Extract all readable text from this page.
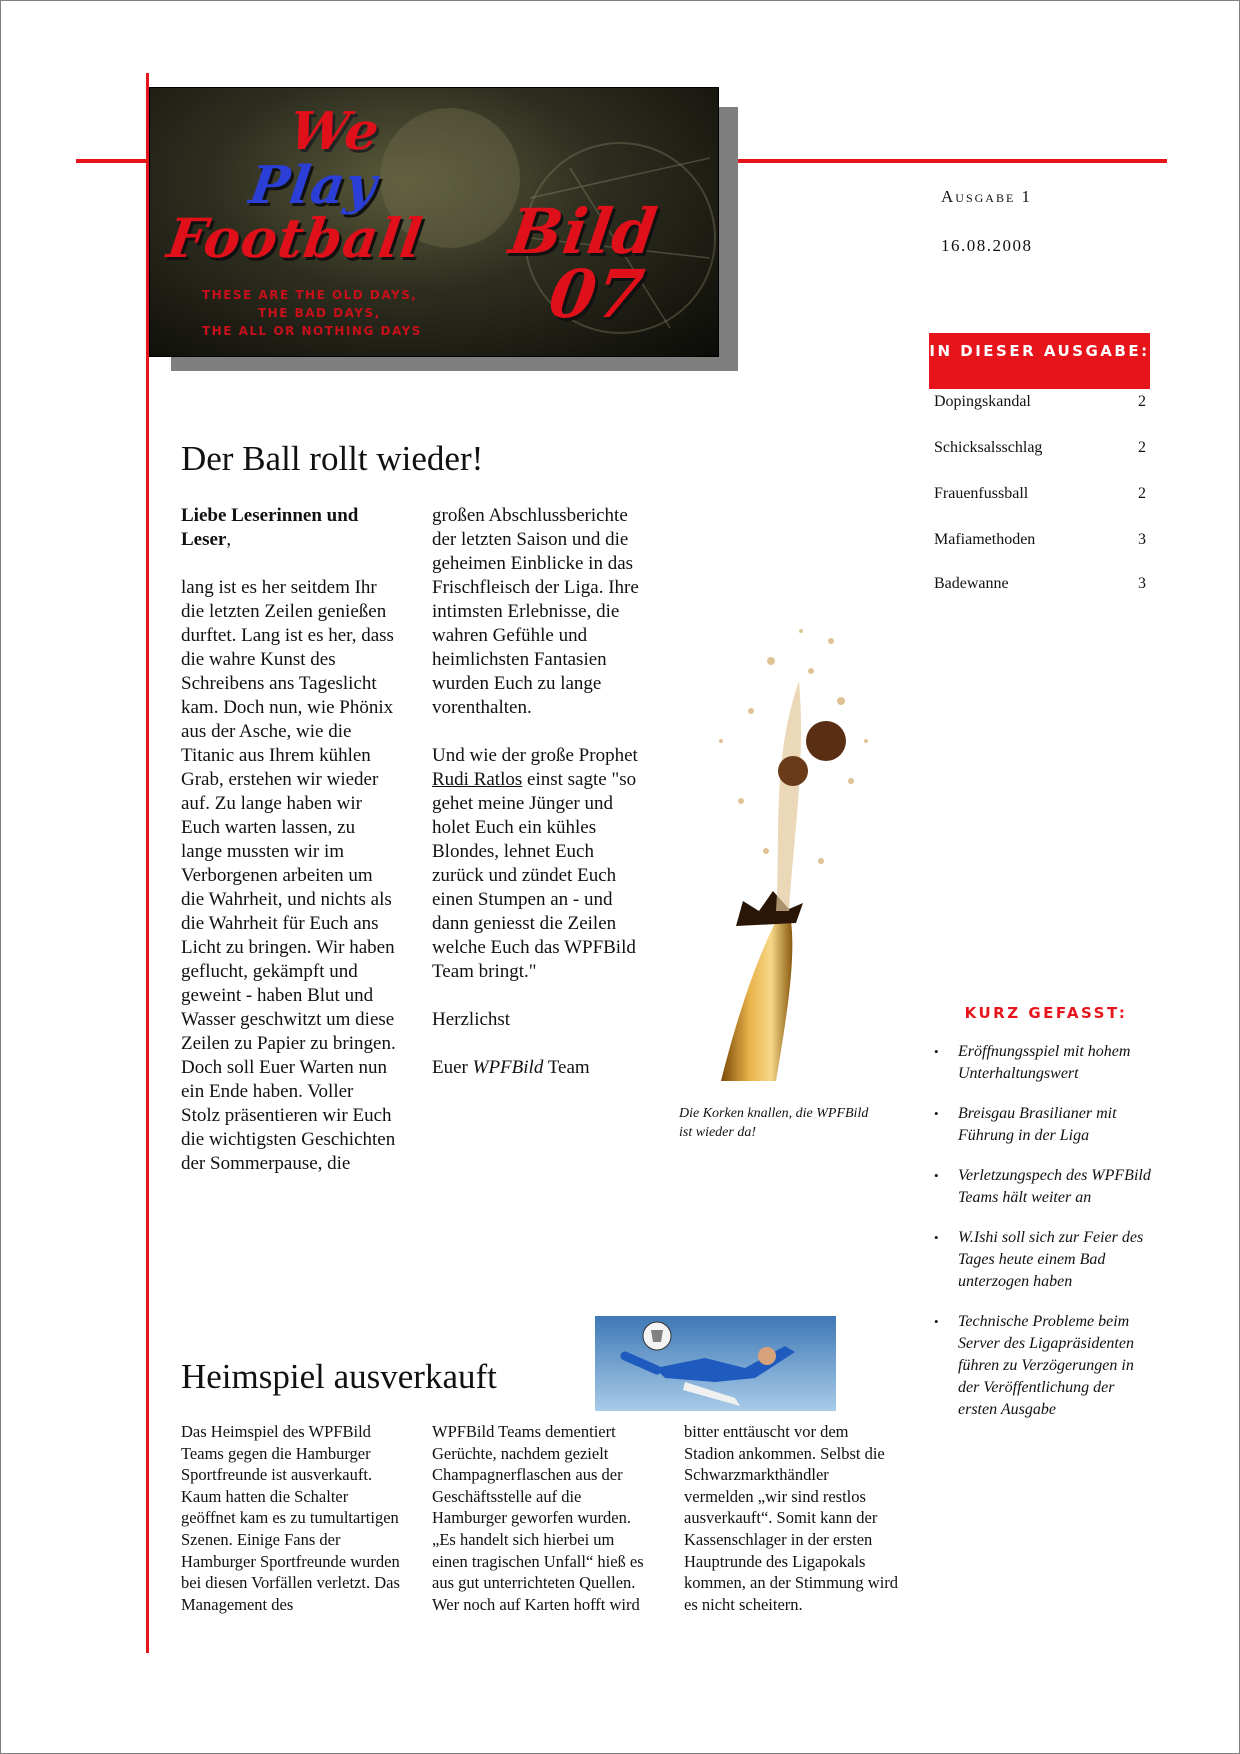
We
Play
Football Bild
07
THESE ARE THE OLD DAYS,
THE BAD DAYS,
THE ALL OR NOTHING DAYS
Ausgabe 1
16.08.2008
IN DIESER AUSGABE:
Dopingskandal	2
Schicksalsschlag	2
Frauenfussball	2
Mafiamethoden	3
Badewanne	3
Der Ball rollt wieder!

Liebe Leserinnen und Leser,

lang ist es her seitdem Ihr die letzten Zeilen genießen durftet. Lang ist es her, dass die wahre Kunst des Schreibens ans Tageslicht kam. Doch nun, wie Phönix aus der Asche, wie die Titanic aus Ihrem kühlen Grab, erstehen wir wieder auf. Zu lange haben wir Euch warten lassen, zu lange mussten wir im Verborgenen arbeiten um die Wahrheit, und nichts als die Wahrheit für Euch ans Licht zu bringen. Wir haben geflucht, gekämpft und geweint - haben Blut und Wasser geschwitzt um diese Zeilen zu Papier zu bringen. Doch soll Euer Warten nun ein Ende haben. Voller Stolz präsentieren wir Euch die wichtigsten Geschichten der Sommerpause, die

großen Abschlussberichte der letzten Saison und die geheimen Einblicke in das Frischfleisch der Liga. Ihre intimsten Erlebnisse, die wahren Gefühle und heimlichsten Fantasien wurden Euch zu lange vorenthalten.

Und wie der große Prophet Rudi Ratlos einst sagte "so gehet meine Jünger und holet Euch ein kühles Blondes, lehnet Euch zurück und zündet Euch einen Stumpen an - und dann geniesst die Zeilen welche Euch das WPFBild Team bringt."

Herzlichst

Euer WPFBild Team

Die Korken knallen, die WPFBild ist wieder da!
KURZ GEFASST:
• Eröffnungsspiel mit hohem Unterhaltungswert
• Breisgau Brasilianer mit Führung in der Liga
• Verletzungspech des WPFBild Teams hält weiter an
• W.Ishi soll sich zur Feier des Tages heute einem Bad unterzogen haben
• Technische Probleme beim Server des Ligapräsidenten führen zu Verzögerungen in der Veröffentlichung der ersten Ausgabe
Heimspiel ausverkauft

Das Heimspiel des WPFBild Teams gegen die Hamburger Sportfreunde ist ausverkauft. Kaum hatten die Schalter geöffnet kam es zu tumultartigen Szenen. Einige Fans der Hamburger Sportfreunde wurden bei diesen Vorfällen verletzt. Das Management des

WPFBild Teams dementiert Gerüchte, nachdem gezielt Champagnerflaschen aus der Geschäftsstelle auf die Hamburger geworfen wurden. „Es handelt sich hierbei um einen tragischen Unfall“ hieß es aus gut unterrichteten Quellen. Wer noch auf Karten hofft wird

bitter enttäuscht vor dem Stadion ankommen. Selbst die Schwarzmarkthändler vermelden „wir sind restlos ausverkauft“. Somit kann der Kassenschlager in der ersten Hauptrunde des Ligapokals kommen, an der Stimmung wird es nicht scheitern.
